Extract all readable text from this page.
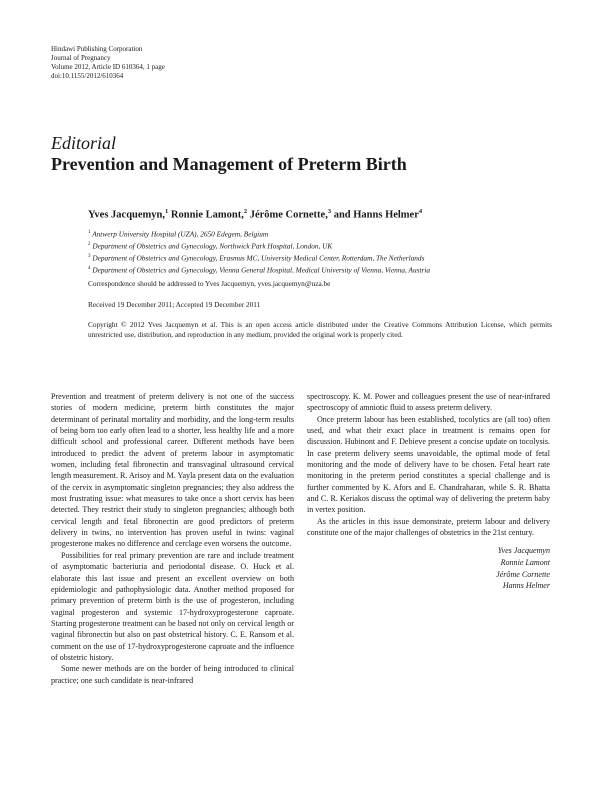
Hindawi Publishing Corporation
Journal of Pregnancy
Volume 2012, Article ID 610364, 1 page
doi:10.1155/2012/610364
Editorial
Prevention and Management of Preterm Birth
Yves Jacquemyn,$^1$ Ronnie Lamont,$^2$ Jérôme Cornette,$^3$ and Hanns Helmer$^4$
$^1$ Antwerp University Hospital (UZA), 2650 Edegem, Belgium
$^2$ Department of Obstetrics and Gynecology, Northwick Park Hospital, London, UK
$^3$ Department of Obstetrics and Gynecology, Erasmus MC, University Medical Center, Rotterdam, The Netherlands
$^4$ Department of Obstetrics and Gynecology, Vienna General Hospital, Medical University of Vienna, Vienna, Austria
Correspondence should be addressed to Yves Jacquemyn, yves.jacquemyn@uza.be
Received 19 December 2011; Accepted 19 December 2011
Copyright © 2012 Yves Jacquemyn et al. This is an open access article distributed under the Creative Commons Attribution License, which permits unrestricted use, distribution, and reproduction in any medium, provided the original work is properly cited.

Prevention and treatment of preterm delivery is not one of the success stories of modern medicine, preterm birth constitutes the major determinant of perinatal mortality and morbidity, and the long-term results of being born too early often lead to a shorter, less healthy life and a more difficult school and professional career. Different methods have been introduced to predict the advent of preterm labour in asymptomatic women, including fetal fibronectin and transvaginal ultrasound cervical length measurement. R. Arisoy and M. Yayla present data on the evaluation of the cervix in asymptomatic singleton pregnancies; they also address the most frustrating issue: what measures to take once a short cervix has been detected. They restrict their study to singleton pregnancies; although both cervical length and fetal fibronectin are good predictors of preterm delivery in twins, no intervention has proven useful in twins: vaginal progesterone makes no difference and cerclage even worsens the outcome.

Possibilities for real primary prevention are rare and include treatment of asymptomatic bacteriuria and periodontal disease. O. Huck et al. elaborate this last issue and present an excellent overview on both epidemiologic and pathophysiologic data. Another method proposed for primary prevention of preterm birth is the use of progesteron, including vaginal progesteron and systemic 17-hydroxyprogesterone caproate. Starting progesterone treatment can be based not only on cervical length or vaginal fibronectin but also on past obstetrical history. C. E. Ransom et al. comment on the use of 17-hydroxyprogesterone caproate and the influence of obstetric history.

Some newer methods are on the border of being introduced to clinical practice; one such candidate is near-infrared

spectroscopy. K. M. Power and colleagues present the use of near-infrared spectroscopy of amniotic fluid to assess preterm delivery.

Once preterm labour has been established, tocolytics are (all too) often used, and what their exact place in treatment is remains open for discussion. Hubinont and F. Debieve present a concise update on tocolysis. In case preterm delivery seems unavoidable, the optimal mode of fetal monitoring and the mode of delivery have to be chosen. Fetal heart rate monitoring in the preterm period constitutes a special challenge and is further commented by K. Afors and E. Chandraharan, while S. R. Bhatta and C. R. Keriakos discuss the optimal way of delivering the preterm baby in vertex position.

As the articles in this issue demonstrate, preterm labour and delivery constitute one of the major challenges of obstetrics in the 21st century.

Yves Jacquemyn
Ronnie Lamont
Jérôme Cornette
Hanns Helmer
